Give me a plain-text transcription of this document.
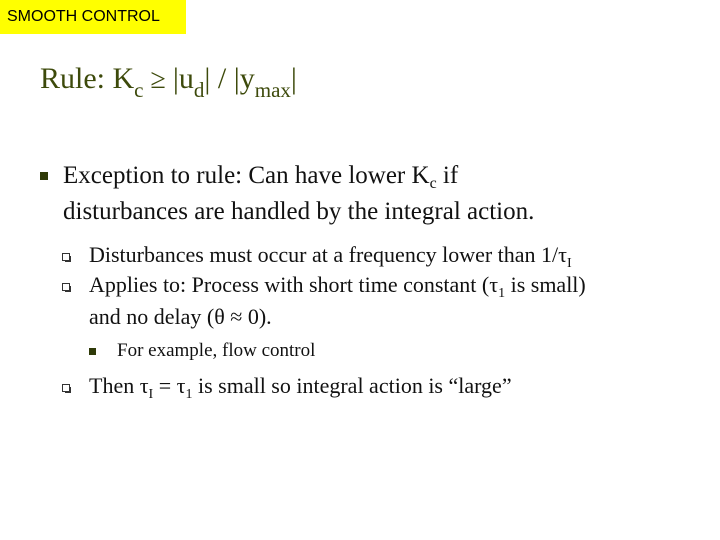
SMOOTH CONTROL
Rule: $K_c \ge |u_d| / |y_{max}|$
Exception to rule: Can have lower $K_c$ if
disturbances are handled by the integral action.
Disturbances must occur at a frequency lower than $1/\tau_I$
Applies to: Process with short time constant ($\tau_1$ is small)
and no delay (θ ≈ 0).
For example, flow control
Then $\tau_I = \tau_1$ is small so integral action is “large”
